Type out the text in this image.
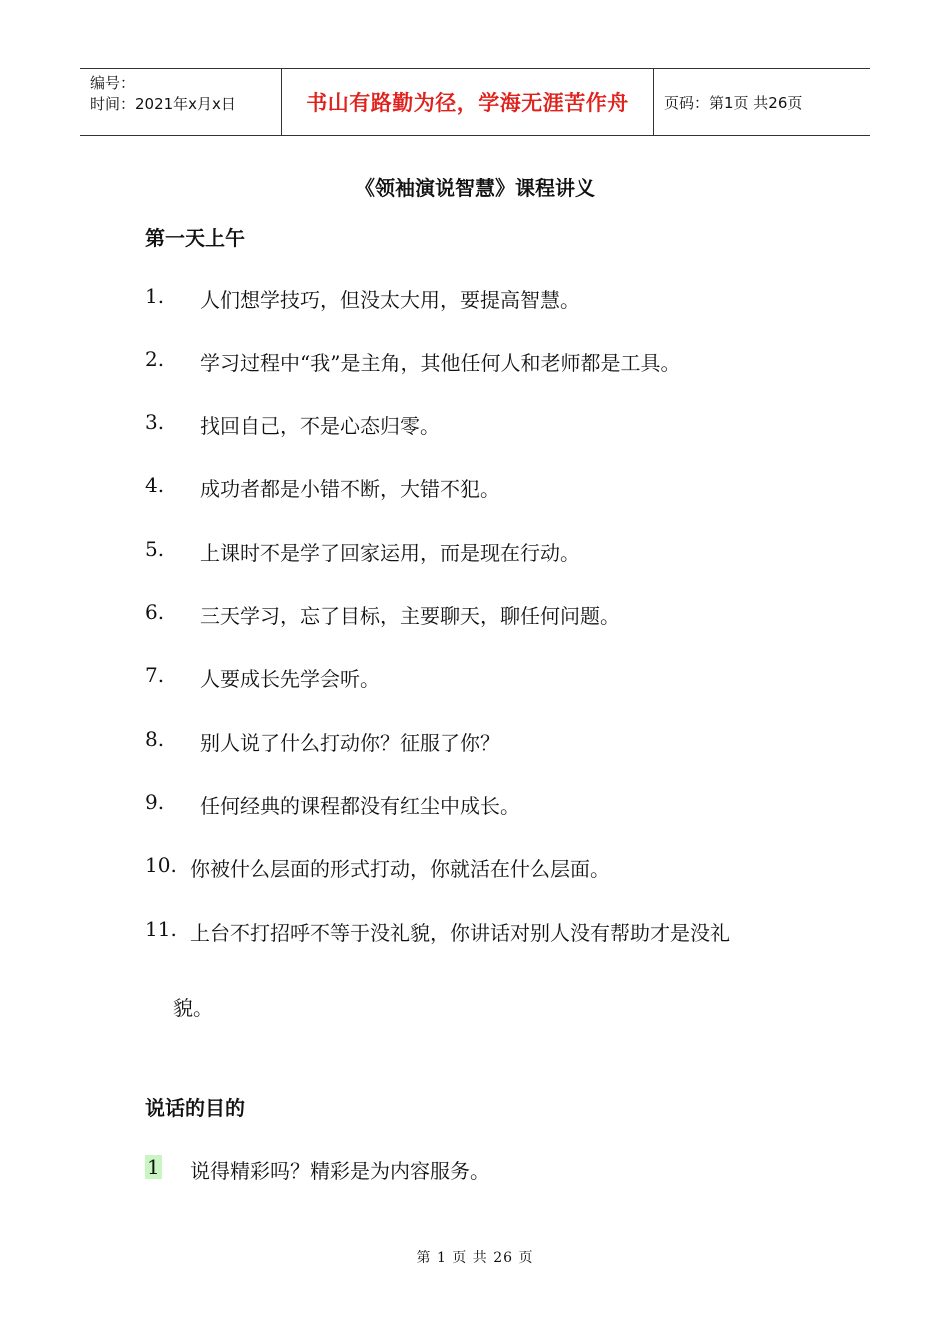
编号：
时间：2021年x月x日	书山有路勤为径，学海无涯苦作舟 页码：第1页 共26页
《领袖演说智慧》课程讲义
第一天上午
1. 人们想学技巧，但没太大用，要提高智慧。
2. 学习过程中“我”是主角，其他任何人和老师都是工具。
3. 找回自己，不是心态归零。
4. 成功者都是小错不断，大错不犯。
5. 上课时不是学了回家运用，而是现在行动。
6. 三天学习，忘了目标，主要聊天，聊任何问题。
7. 人要成长先学会听。
8. 别人说了什么打动你？征服了你？
9. 任何经典的课程都没有红尘中成长。
10. 你被什么层面的形式打动，你就活在什么层面。
11. 上台不打招呼不等于没礼貌，你讲话对别人没有帮助才是没礼
貌。
说话的目的
1 说得精彩吗？精彩是为内容服务。
第 1 页 共 26 页
